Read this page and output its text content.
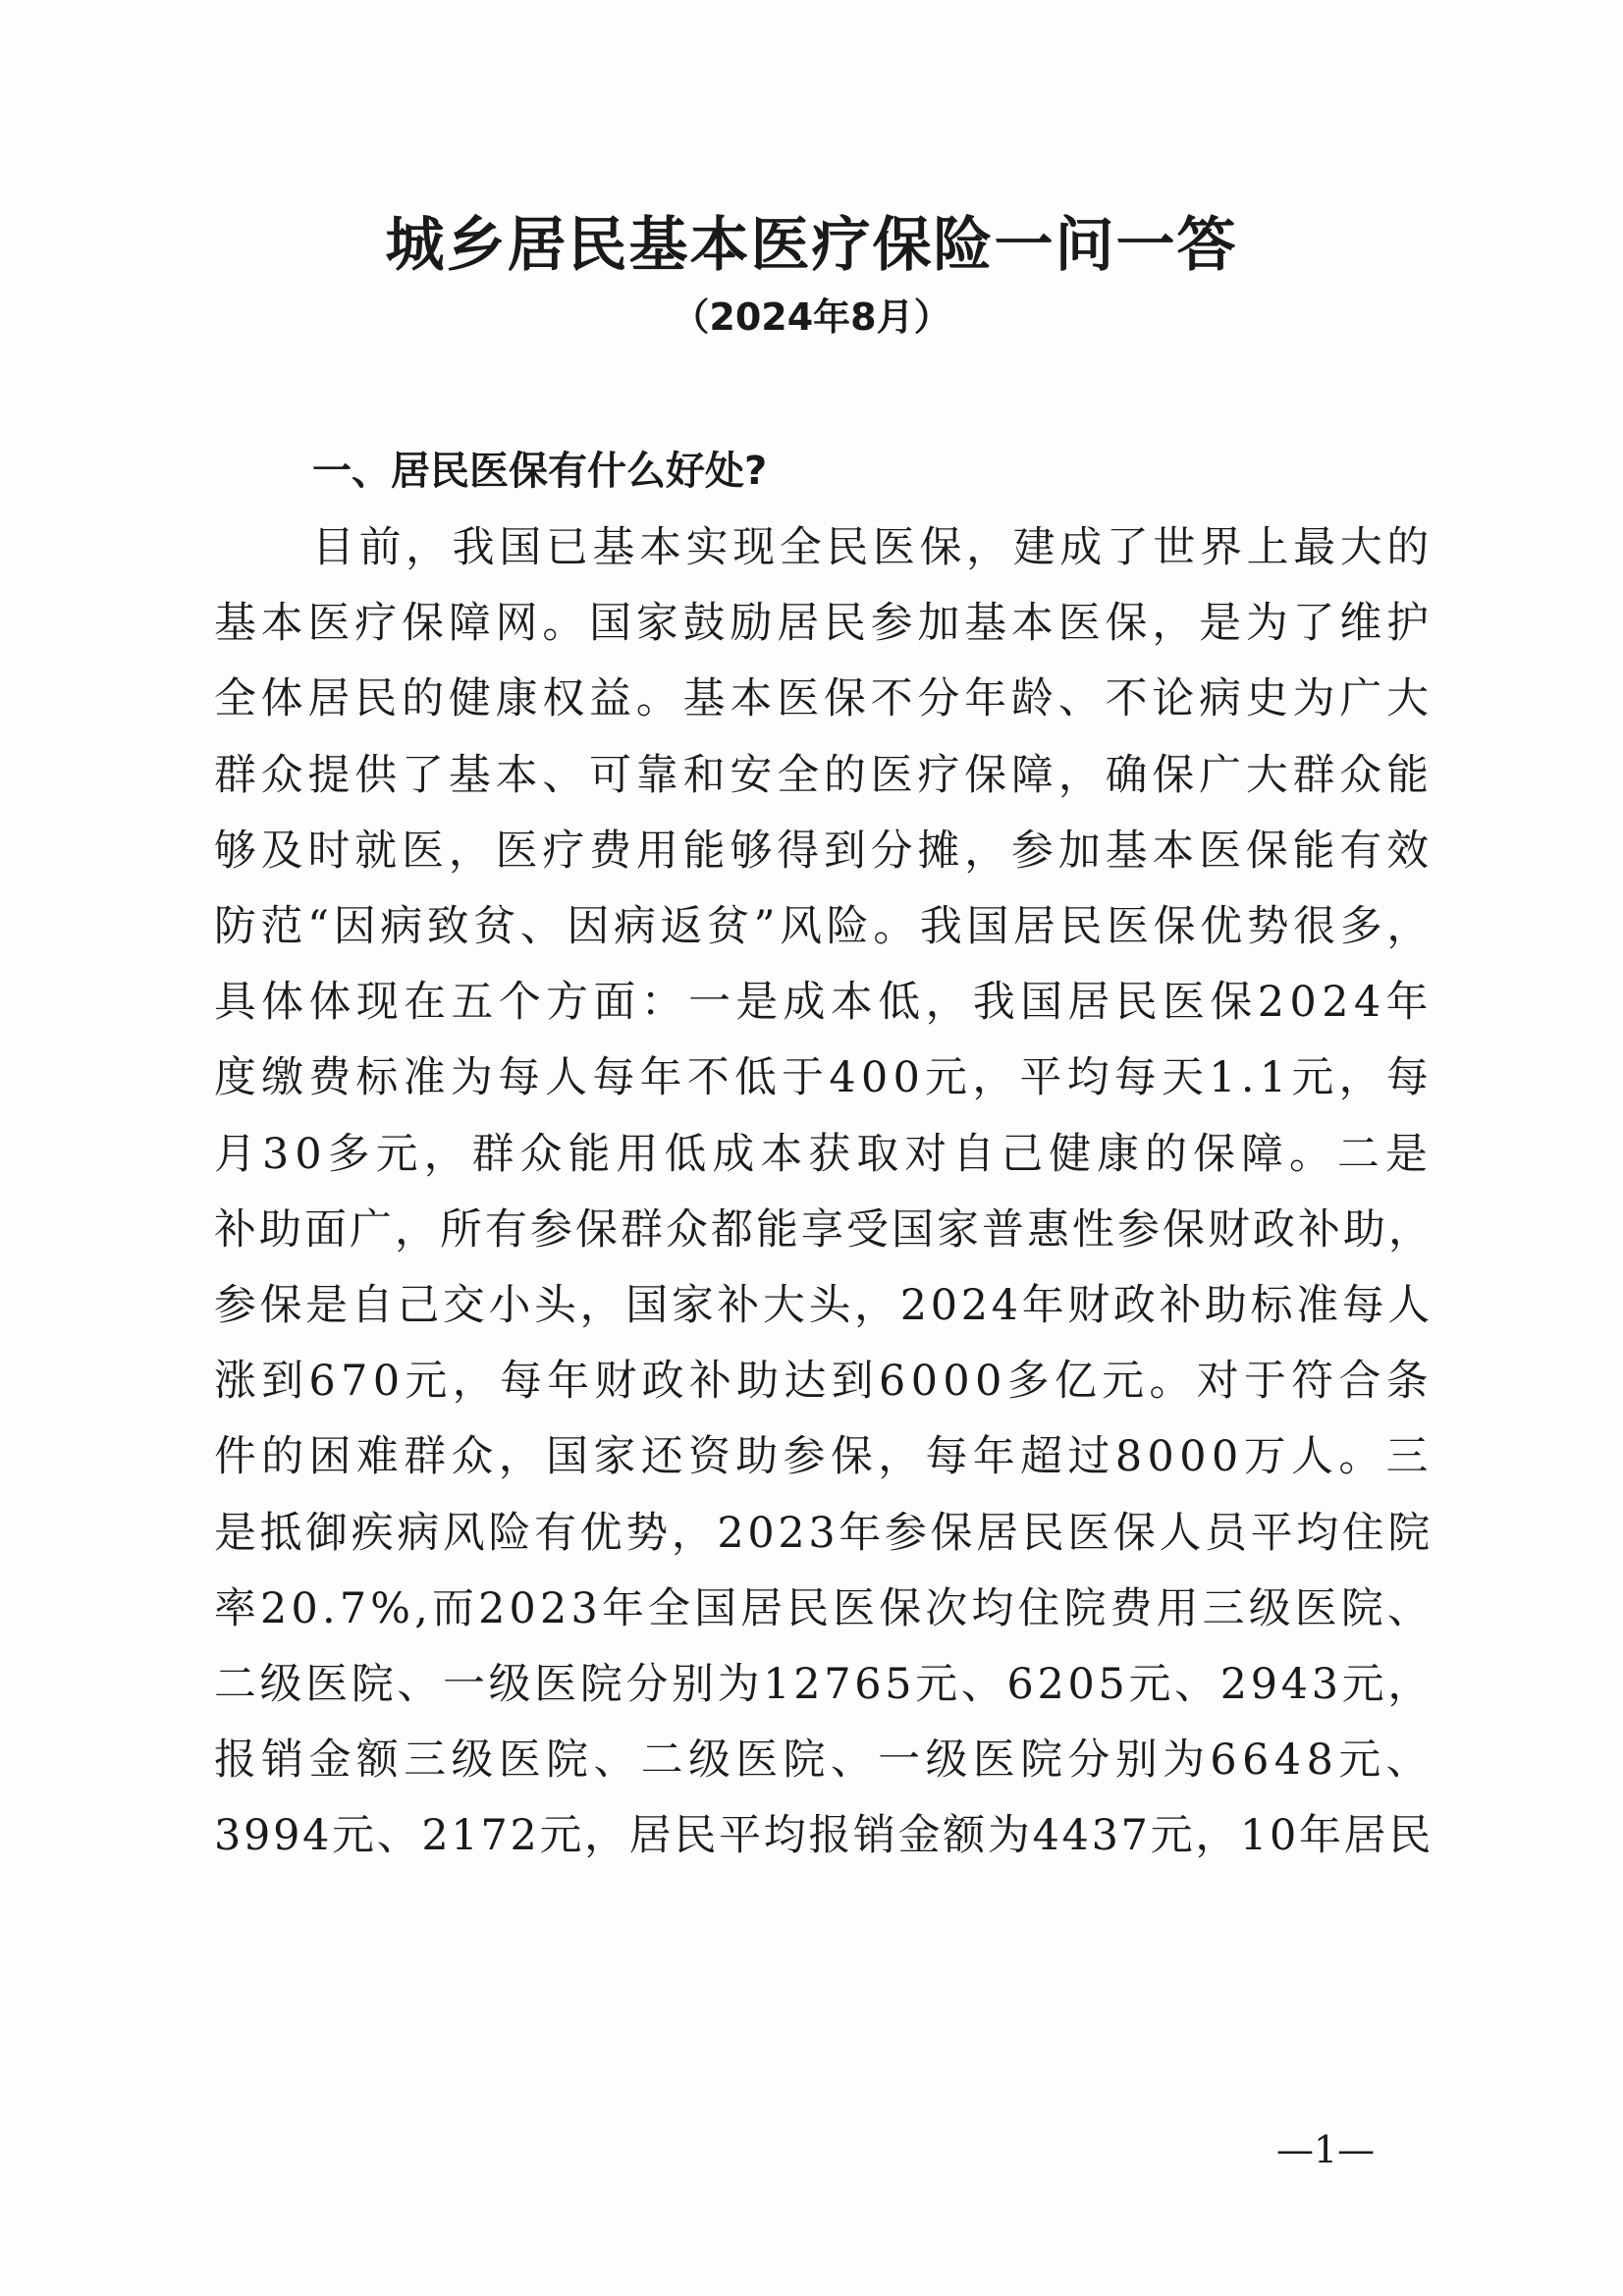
城乡居民基本医疗保险一问一答
（2024年8月）
一、居民医保有什么好处?
目前，我国已基本实现全民医保，建成了世界上最大的
基本医疗保障网。国家鼓励居民参加基本医保，是为了维护
全体居民的健康权益。基本医保不分年龄、不论病史为广大
群众提供了基本、可靠和安全的医疗保障，确保广大群众能
够及时就医，医疗费用能够得到分摊，参加基本医保能有效
防范“因病致贫、因病返贫”风险。我国居民医保优势很多，
具体体现在五个方面：一是成本低，我国居民医保2024年
度缴费标准为每人每年不低于400元，平均每天1.1元，每
月30多元，群众能用低成本获取对自己健康的保障。二是
补助面广，所有参保群众都能享受国家普惠性参保财政补助，
参保是自己交小头，国家补大头，2024年财政补助标准每人
涨到670元，每年财政补助达到6000多亿元。对于符合条
件的困难群众，国家还资助参保，每年超过8000万人。三
是抵御疾病风险有优势，2023年参保居民医保人员平均住院
率20.7%,而2023年全国居民医保次均住院费用三级医院、
二级医院、一级医院分别为12765元、6205元、2943元，
报销金额三级医院、二级医院、一级医院分别为6648元、
3994元、2172元，居民平均报销金额为4437元，10年居民
—1—
